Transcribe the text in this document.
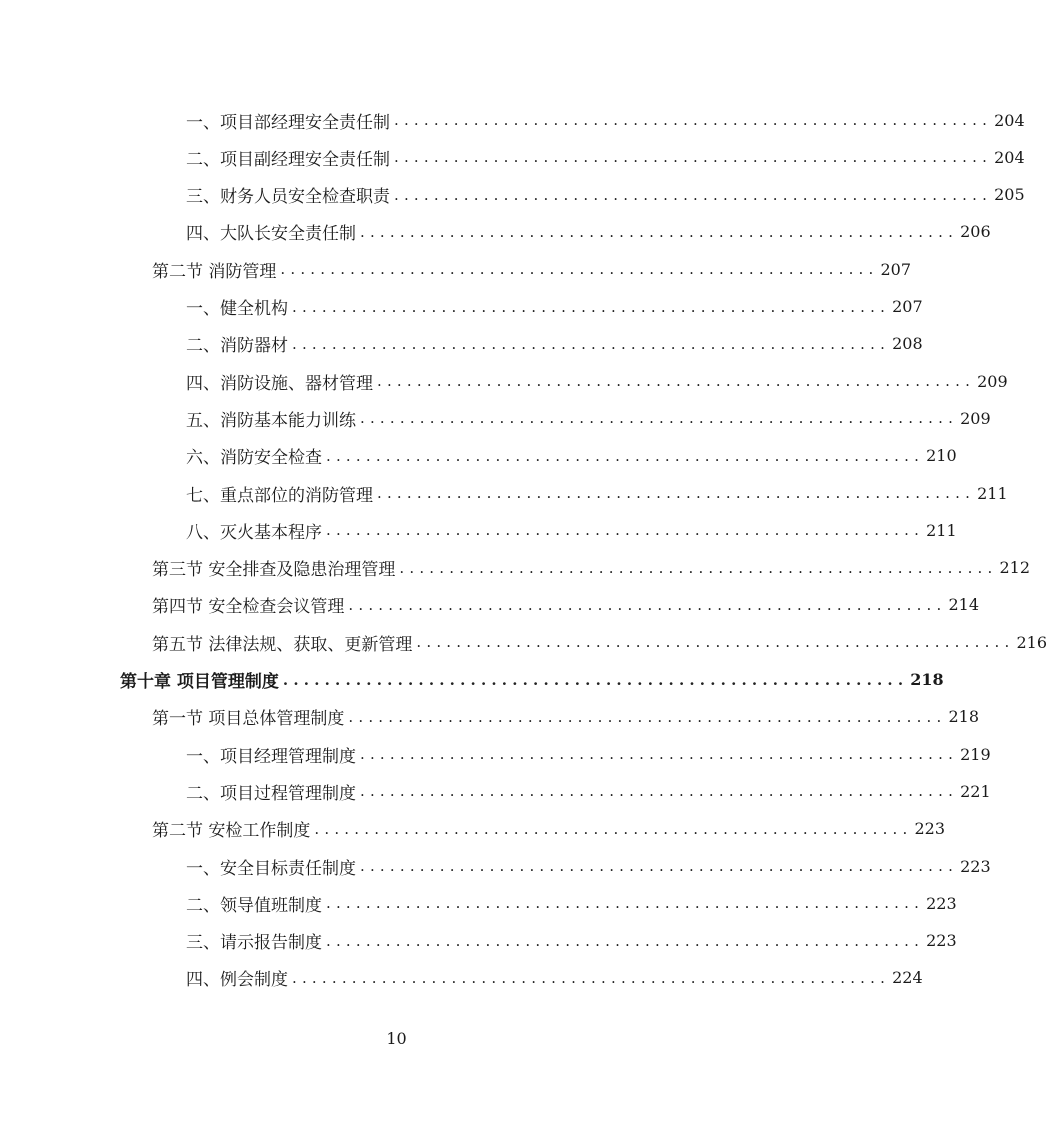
一、项目部经理安全责任制 ............................................................ 204
二、项目副经理安全责任制 ............................................................ 204
三、财务人员安全检查职责 ............................................................ 205
四、大队长安全责任制 ............................................................ 206
第二节 消防管理 ............................................................ 207
一、健全机构 ............................................................ 207
二、消防器材 ............................................................ 208
四、消防设施、器材管理 ............................................................ 209
五、消防基本能力训练 ............................................................ 209
六、消防安全检查 ............................................................ 210
七、重点部位的消防管理 ............................................................ 211
八、灭火基本程序 ............................................................ 211
第三节 安全排查及隐患治理管理 ............................................................ 212
第四节 安全检查会议管理 ............................................................ 214
第五节 法律法规、获取、更新管理 ............................................................ 216
第十章 项目管理制度 ............................................................ 218
第一节 项目总体管理制度 ............................................................ 218
一、项目经理管理制度 ............................................................ 219
二、项目过程管理制度 ............................................................ 221
第二节 安检工作制度 ............................................................ 223
一、安全目标责任制度 ............................................................ 223
二、领导值班制度 ............................................................ 223
三、请示报告制度 ............................................................ 223
四、例会制度 ............................................................ 224
10
